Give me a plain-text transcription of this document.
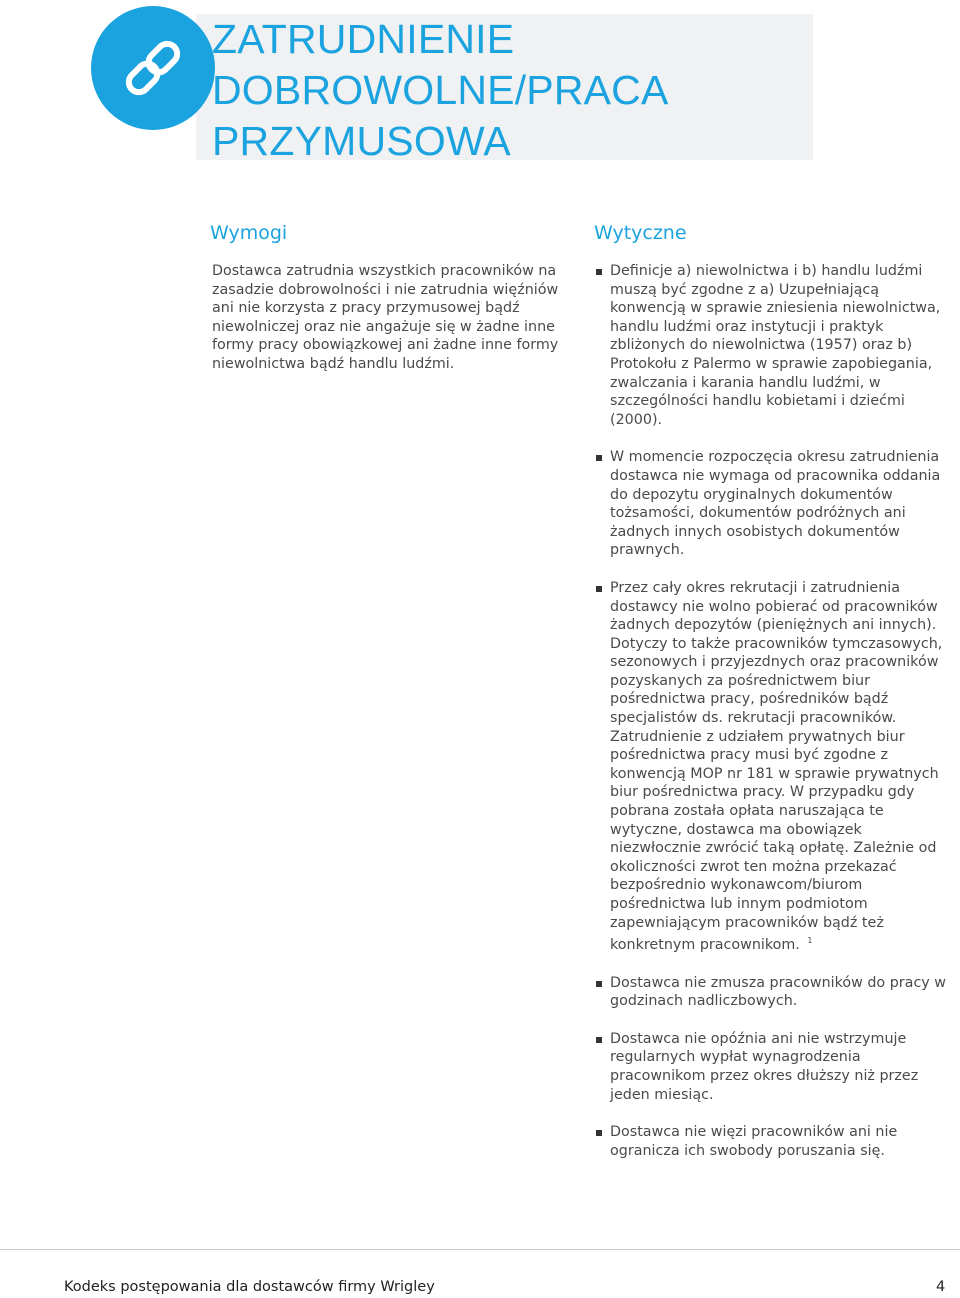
ZATRUDNIENIE
DOBROWOLNE/PRACA
PRZYMUSOWA
Wymogi

Dostawca zatrudnia wszystkich pracowników na zasadzie dobrowolności i nie zatrudnia więźniów ani nie korzysta z pracy przymusowej bądź niewolniczej oraz nie angażuje się w żadne inne formy pracy obowiązkowej ani żadne inne formy niewolnictwa bądź handlu ludźmi.

Wytyczne
Definicje a) niewolnictwa i b) handlu ludźmi muszą być zgodne z a) Uzupełniającą konwencją w sprawie zniesienia niewolnictwa, handlu ludźmi oraz instytucji i praktyk zbliżonych do niewolnictwa (1957) oraz b) Protokołu z Palermo w sprawie zapobiegania, zwalczania i karania handlu ludźmi, w szczególności handlu kobietami i dziećmi (2000).
W momencie rozpoczęcia okresu zatrudnienia dostawca nie wymaga od pracownika oddania do depozytu oryginalnych dokumentów tożsamości, dokumentów podróżnych ani żadnych innych osobistych dokumentów prawnych.
Przez cały okres rekrutacji i zatrudnienia dostawcy nie wolno pobierać od pracowników żadnych depozytów (pieniężnych ani innych). Dotyczy to także pracowników tymczasowych, sezonowych i przyjezdnych oraz pracowników pozyskanych za pośrednictwem biur pośrednictwa pracy, pośredników bądź specjalistów ds. rekrutacji pracowników. Zatrudnienie z udziałem prywatnych biur pośrednictwa pracy musi być zgodne z konwencją MOP nr 181 w sprawie prywatnych biur pośrednictwa pracy. W przypadku gdy pobrana została opłata naruszająca te wytyczne, dostawca ma obowiązek niezwłocznie zwrócić taką opłatę. Zależnie od okoliczności zwrot ten można przekazać bezpośrednio wykonawcom/biurom pośrednictwa lub innym podmiotom zapewniającym pracowników bądź też konkretnym pracownikom. $^1$
Dostawca nie zmusza pracowników do pracy w godzinach nadliczbowych.
Dostawca nie opóźnia ani nie wstrzymuje regularnych wypłat wynagrodzenia pracownikom przez okres dłuższy niż przez jeden miesiąc.
Dostawca nie więzi pracowników ani nie ogranicza ich swobody poruszania się.
Kodeks postępowania dla dostawców firmy Wrigley	4
